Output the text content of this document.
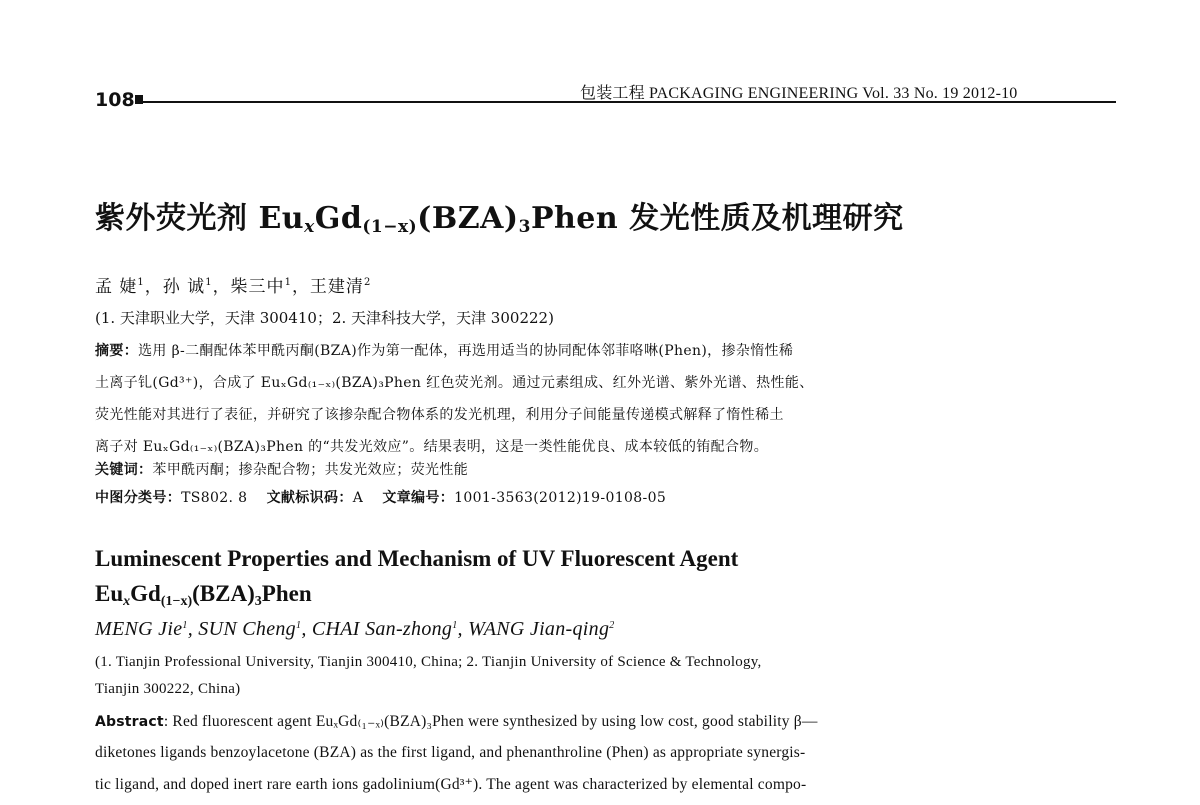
108	包装工程 PACKAGING ENGINEERING Vol. 33 No. 19 2012-10
紫外荧光剂 $EuxGd_{(1-x)}(BZA)_3Phen$ 发光性质及机理研究
孟 婕$^1$，孙 诚$^1$，柴三中$^1$，王建清$^2$
(1. 天津职业大学，天津 300410；2. 天津科技大学，天津 300222)
摘要：选用 β-二酮配体苯甲酰丙酮(BZA)作为第一配体，再选用适当的协同配体邻菲咯啉(Phen)，掺杂惰性稀
土离子钆(Gd³⁺)，合成了 EuₓGd₍₁₋ₓ₎(BZA)₃Phen 红色荧光剂。通过元素组成、红外光谱、紫外光谱、热性能、
荧光性能对其进行了表征，并研究了该掺杂配合物体系的发光机理，利用分子间能量传递模式解释了惰性稀土
离子对 EuₓGd₍₁₋ₓ₎(BZA)₃Phen 的“共发光效应”。结果表明，这是一类性能优良、成本较低的铕配合物。
关键词：苯甲酰丙酮；掺杂配合物；共发光效应；荧光性能
中图分类号：TS802. 8 文献标识码：A 文章编号：1001-3563(2012)19-0108-05
Luminescent Properties and Mechanism of UV Fluorescent Agent
$EuxGd_{(1-x)}(BZA)_3Phen$
MENG Jie$^1$, SUN Cheng$^1$, CHAI San-zhong$^1$, WANG Jian-qing$^2$
(1. Tianjin Professional University, Tianjin 300410, China; 2. Tianjin University of Science & Technology,
Tianjin 300222, China)
Abstract: Red fluorescent agent EuₓGd₍₁₋ₓ₎(BZA)₃Phen were synthesized by using low cost, good stability β—
diketones ligands benzoylacetone (BZA) as the first ligand, and phenanthroline (Phen) as appropriate synergis-
tic ligand, and doped inert rare earth ions gadolinium(Gd³⁺). The agent was characterized by elemental compo-
